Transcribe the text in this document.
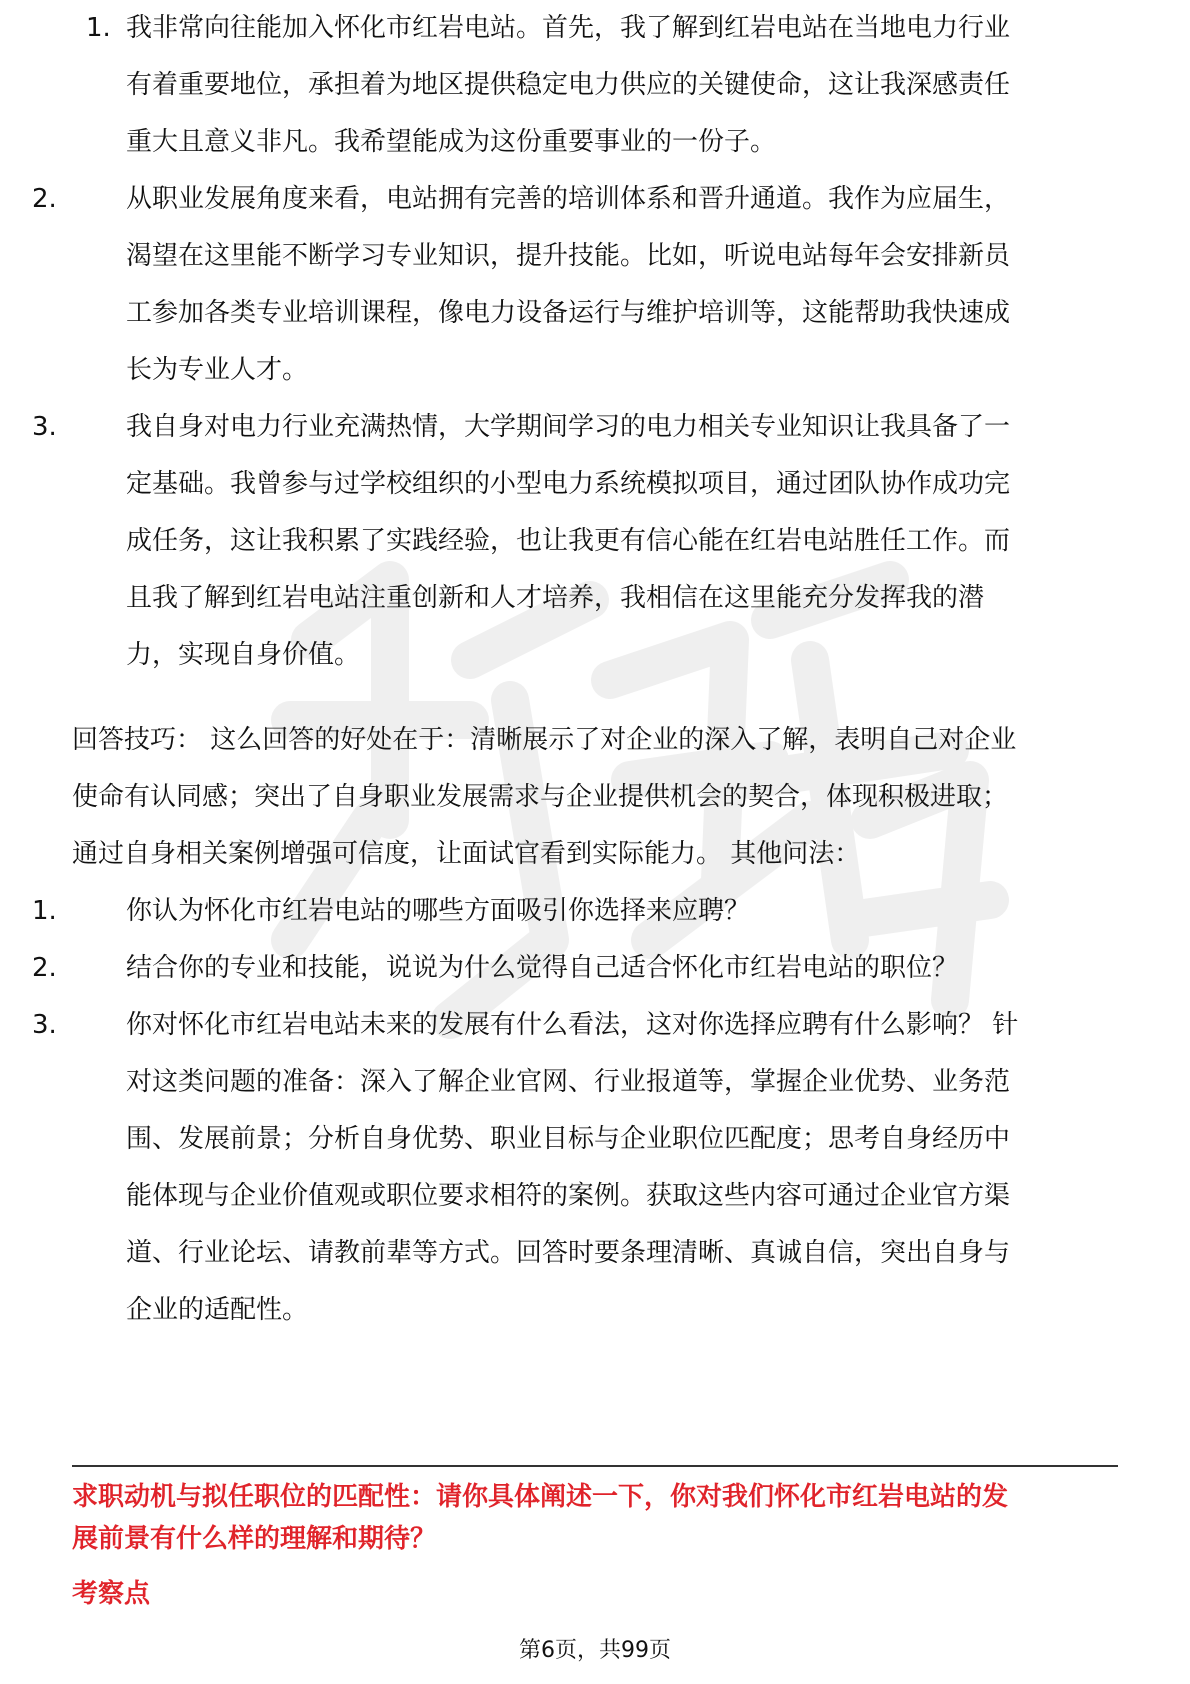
1. 我非常向往能加入怀化市红岩电站。首先，我了解到红岩电站在当地电力行业
有着重要地位，承担着为地区提供稳定电力供应的关键使命，这让我深感责任
重大且意义非凡。我希望能成为这份重要事业的一份子。
2.	从职业发展角度来看，电站拥有完善的培训体系和晋升通道。我作为应届生，
渴望在这里能不断学习专业知识，提升技能。比如，听说电站每年会安排新员
工参加各类专业培训课程，像电力设备运行与维护培训等，这能帮助我快速成
长为专业人才。
3.	我自身对电力行业充满热情，大学期间学习的电力相关专业知识让我具备了一
定基础。我曾参与过学校组织的小型电力系统模拟项目，通过团队协作成功完
成任务，这让我积累了实践经验，也让我更有信心能在红岩电站胜任工作。而
且我了解到红岩电站注重创新和人才培养，我相信在这里能充分发挥我的潜
力，实现自身价值。
回答技巧： 这么回答的好处在于：清晰展示了对企业的深入了解，表明自己对企业
使命有认同感；突出了自身职业发展需求与企业提供机会的契合，体现积极进取；
通过自身相关案例增强可信度，让面试官看到实际能力。 其他问法：
1.	你认为怀化市红岩电站的哪些方面吸引你选择来应聘？
2.	结合你的专业和技能，说说为什么觉得自己适合怀化市红岩电站的职位？
3.	你对怀化市红岩电站未来的发展有什么看法，这对你选择应聘有什么影响？ 针
对这类问题的准备：深入了解企业官网、行业报道等，掌握企业优势、业务范
围、发展前景；分析自身优势、职业目标与企业职位匹配度；思考自身经历中
能体现与企业价值观或职位要求相符的案例。获取这些内容可通过企业官方渠
道、行业论坛、请教前辈等方式。回答时要条理清晰、真诚自信，突出自身与
企业的适配性。
求职动机与拟任职位的匹配性：请你具体阐述一下，你对我们怀化市红岩电站的发
展前景有什么样的理解和期待？
考察点
第6页，共99页
